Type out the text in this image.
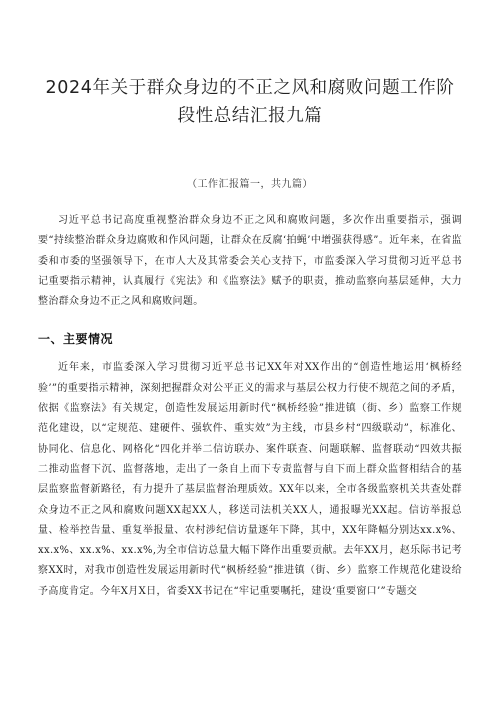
2024年关于群众身边的不正之风和腐败问题工作阶
段性总结汇报九篇
（工作汇报篇一，共九篇）

习近平总书记高度重视整治群众身边不正之风和腐败问题，多次作出重要指示，强调要“持续整治群众身边腐败和作风问题，让群众在反腐‘拍蝇’中增强获得感”。近年来，在省监委和市委的坚强领导下，在市人大及其常委会关心支持下，市监委深入学习贯彻习近平总书记重要指示精神，认真履行《宪法》和《监察法》赋予的职责，推动监察向基层延伸，大力整治群众身边不正之风和腐败问题。

一、主要情况

近年来，市监委深入学习贯彻习近平总书记XX年对XX作出的“创造性地运用‘枫桥经验’”的重要指示精神，深刻把握群众对公平正义的需求与基层公权力行使不规范之间的矛盾，依据《监察法》有关规定，创造性发展运用新时代“枫桥经验”推进镇（街、乡）监察工作规范化建设，以“定规范、建硬件、强软件、重实效”为主线，市县乡村“四级联动”，标准化、协同化、信息化、网格化“四化并举二信访联办、案件联查、问题联解、监督联动“四效共振二推动监督下沉、监督落地，走出了一条自上而下专责监督与自下而上群众监督相结合的基层监察监督新路径，有力提升了基层监督治理质效。XX年以来，全市各级监察机关共查处群众身边不正之风和腐败问题XX起XX人，移送司法机关XX人，通报曝光XX起。信访举报总量、检举控告量、重复举报量、农村涉纪信访量逐年下降，其中，XX年降幅分别达xx.x%、xx.x%、xx.x%、xx.x%,为全市信访总量大幅下降作出重要贡献。去年XX月，赵乐际书记考察XX时，对我市创造性发展运用新时代“枫桥经验”推进镇（街、乡）监察工作规范化建设给予高度肯定。今年X月X日，省委XX书记在“牢记重要嘱托，建设‘重要窗口’”专题交
